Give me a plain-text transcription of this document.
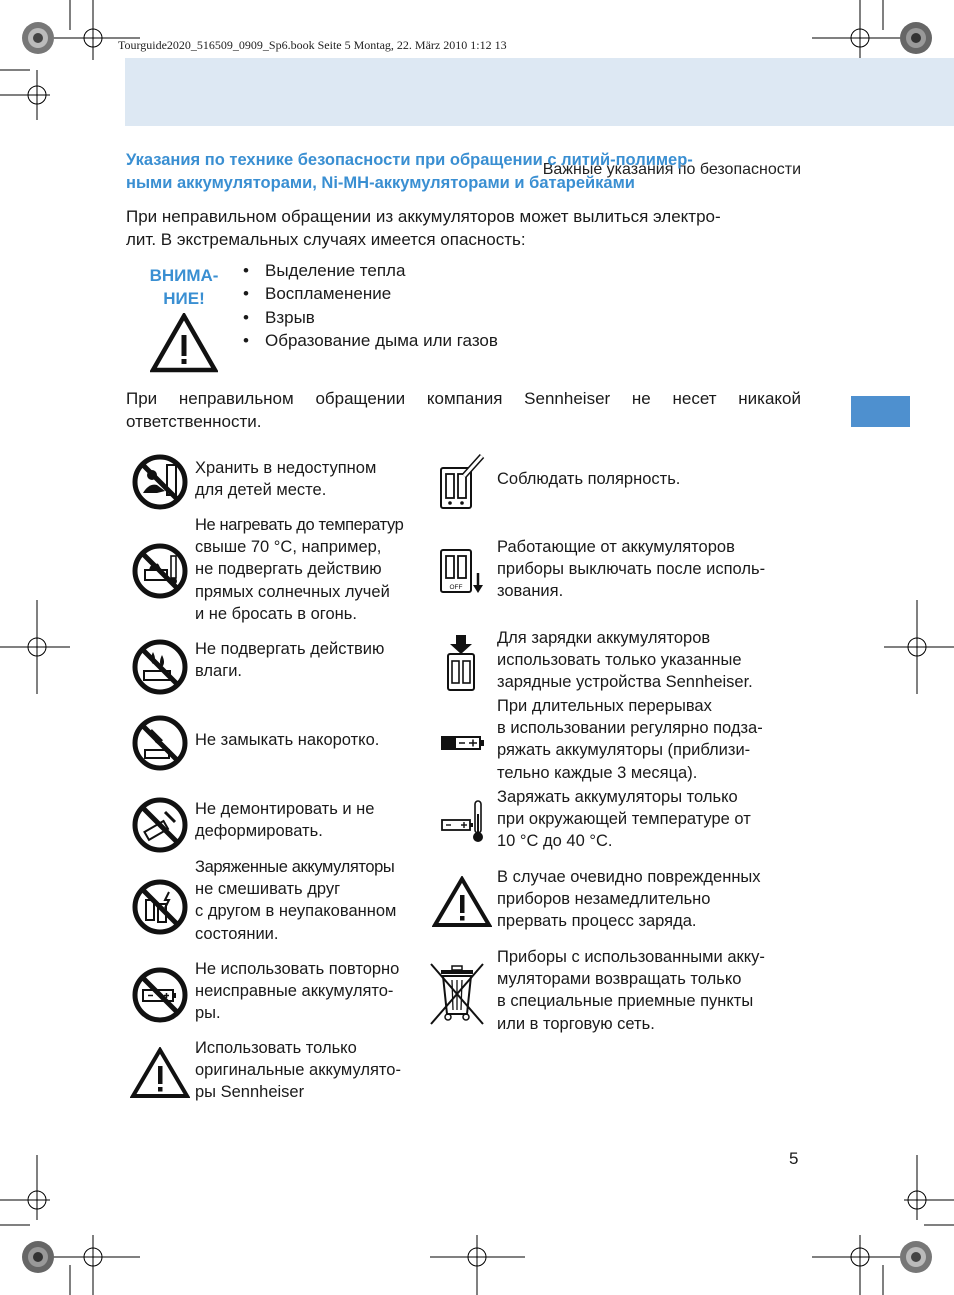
Tourguide2020_516509_0909_Sp6.book Seite 5 Montag, 22. März 2010 1:12 13
Важные указания по безопасности
Указания по технике безопасности при обращении с литий-полимер-
ными аккумуляторами, Ni-MH-аккумуляторами и батарейками
При неправильном обращении из аккумуляторов может вылиться электро-
лит. В экстремальных случаях имеется опасность:
ВНИМА-
НИЕ!
• Выделение тепла
• Воспламенение
• Взрыв
• Образование дыма или газов
При неправильном обращении компания Sennheiser не несет никакой ответственности.
Хранить в недоступном
для детей месте.
Не нагревать до температур
свыше 70 °C, например,
не подвергать действию
прямых солнечных лучей
и не бросать в огонь.
Не подвергать действию
влаги.
Не замыкать накоротко.
Не демонтировать и не
деформировать.
Заряженные аккумуляторы
не смешивать друг
с другом в неупакованном
состоянии.
Не использовать повторно
неисправные аккумулято-
ры.
Использовать только
оригинальные аккумулято-
ры Sennheiser
Соблюдать полярность.
OFF
Работающие от аккумуляторов
приборы выключать после исполь-
зования.
Для зарядки аккумуляторов
использовать только указанные
зарядные устройства Sennheiser.
При длительных перерывах
в использовании регулярно подза-
ряжать аккумуляторы (приблизи-
тельно каждые 3 месяца).
Заряжать аккумуляторы только
при окружающей температуре от
10 °C до 40 °C.
В случае очевидно поврежденных
приборов незамедлительно
прервать процесс заряда.
Приборы с использованными акку-
муляторами возвращать только
в специальные приемные пункты
или в торговую сеть.
5
